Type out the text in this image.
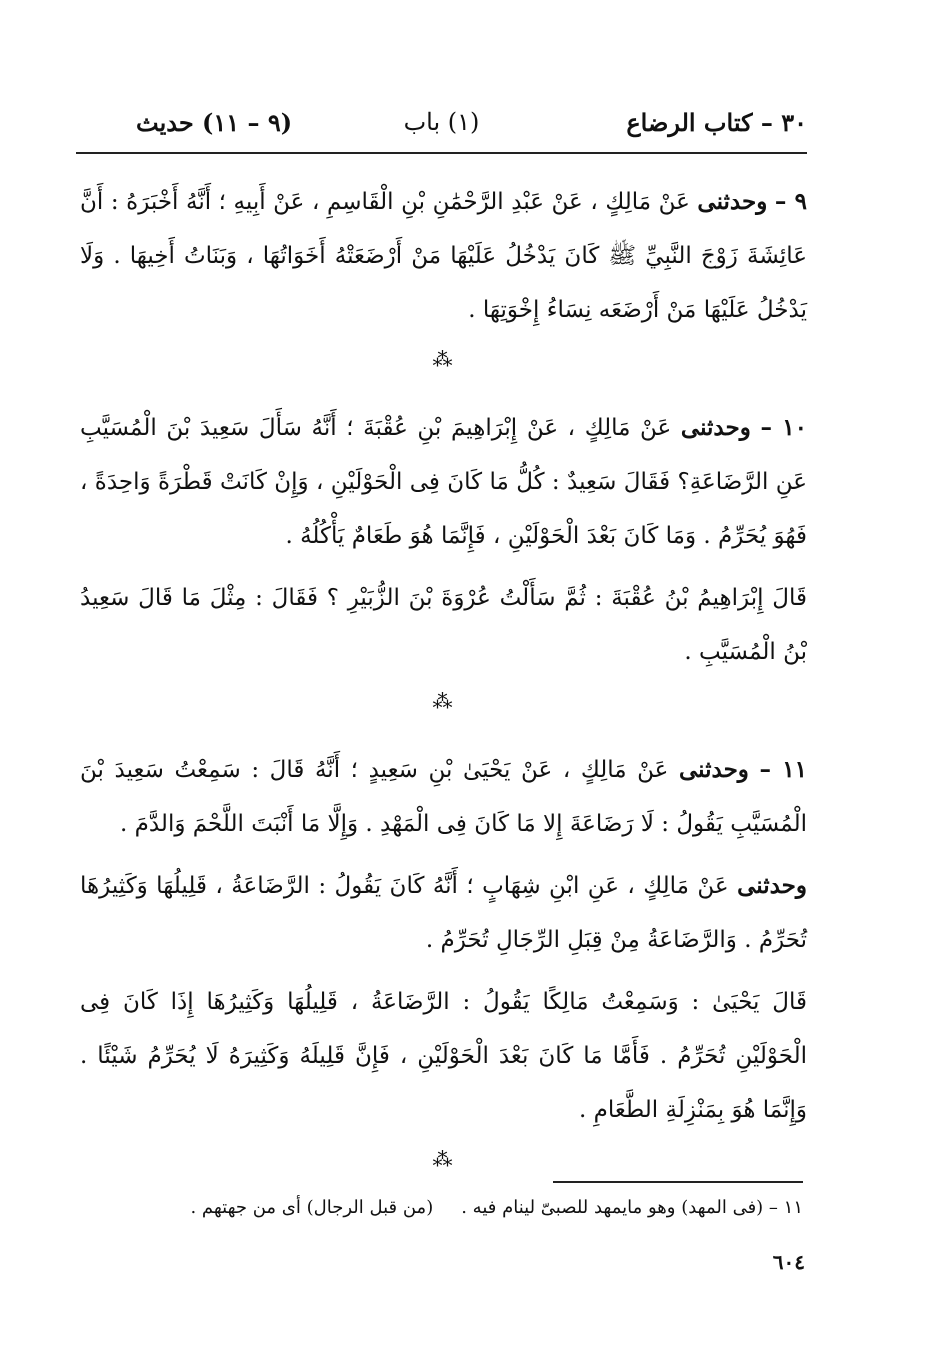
٣٠ – كتاب الرضاع
(١) باب
(٩ – ١١) حديث

٩ – وحدثنى عَنْ مَالِكٍ ، عَنْ عَبْدِ الرَّحْمَٰنِ بْنِ الْقَاسِمِ ، عَنْ أَبِيهِ ؛ أَنَّهُ أَخْبَرَهُ : أَنَّ عَائِشَةَ زَوْجَ النَّبِيِّ ﷺ كَانَ يَدْخُلُ عَلَيْهَا مَنْ أَرْضَعَتْهُ أَخَوَاتُهَا ، وَبَنَاتُ أَخِيهَا . وَلَا يَدْخُلُ عَلَيْهَا مَنْ أَرْضَعَه نِسَاءُ إِخْوَتِهَا .

⁂

١٠ – وحدثنى عَنْ مَالِكٍ ، عَنْ إِبْرَاهِيمَ بْنِ عُقْبَةَ ؛ أَنَّهُ سَأَلَ سَعِيدَ بْنَ الْمُسَيَّبِ عَنِ الرَّضَاعَةِ؟ فَقَالَ سَعِيدٌ : كُلُّ مَا كَانَ فِى الْحَوْلَيْنِ ، وَإِنْ كَانَتْ قَطْرَةً وَاحِدَةً ، فَهُوَ يُحَرِّمُ . وَمَا كَانَ بَعْدَ الْحَوْلَيْنِ ، فَإِنَّمَا هُوَ طَعَامٌ يَأْكُلُهُ .

قَالَ إِبْرَاهِيمُ بْنُ عُقْبَةَ : ثُمَّ سَأَلْتُ عُرْوَةَ بْنَ الزُّبَيْرِ ؟ فَقَالَ : مِثْلَ مَا قَالَ سَعِيدُ بْنُ الْمُسَيَّبِ .

⁂

١١ – وحدثنى عَنْ مَالِكٍ ، عَنْ يَحْيَىٰ بْنِ سَعِيدٍ ؛ أَنَّهُ قَالَ : سَمِعْتُ سَعِيدَ بْنَ الْمُسَيَّبِ يَقُولُ : لَا رَضَاعَةَ إِلا مَا كَانَ فِى الْمَهْدِ . وَإِلَّا مَا أَنْبَتَ اللَّحْمَ وَالدَّمَ .

وحدثنى عَنْ مَالِكٍ ، عَنِ ابْنِ شِهَابٍ ؛ أَنَّهُ كَانَ يَقُولُ : الرَّضَاعَةُ ، قَلِيلُهَا وَكَثِيرُهَا تُحَرِّمُ . وَالرَّضَاعَةُ مِنْ قِبَلِ الرِّجَالِ تُحَرِّمُ .

قَالَ يَحْيَىٰ : وَسَمِعْتُ مَالِكًا يَقُولُ : الرَّضَاعَةُ ، قَلِيلُهَا وَكَثِيرُهَا إِذَا كَانَ فِى الْحَوْلَيْنِ تُحَرِّمُ . فَأَمَّا مَا كَانَ بَعْدَ الْحَوْلَيْنِ ، فَإِنَّ قَلِيلَهُ وَكَثِيرَهُ لَا يُحَرِّمُ شَيْئًا . وَإِنَّمَا هُوَ بِمَنْزِلَةِ الطَّعَامِ .

⁂
١١ – (فى المهد) وهو مايمهد للصبىّ لينام فيه .(من قبل الرجال) أى من جهتهم .
٦٠٤
